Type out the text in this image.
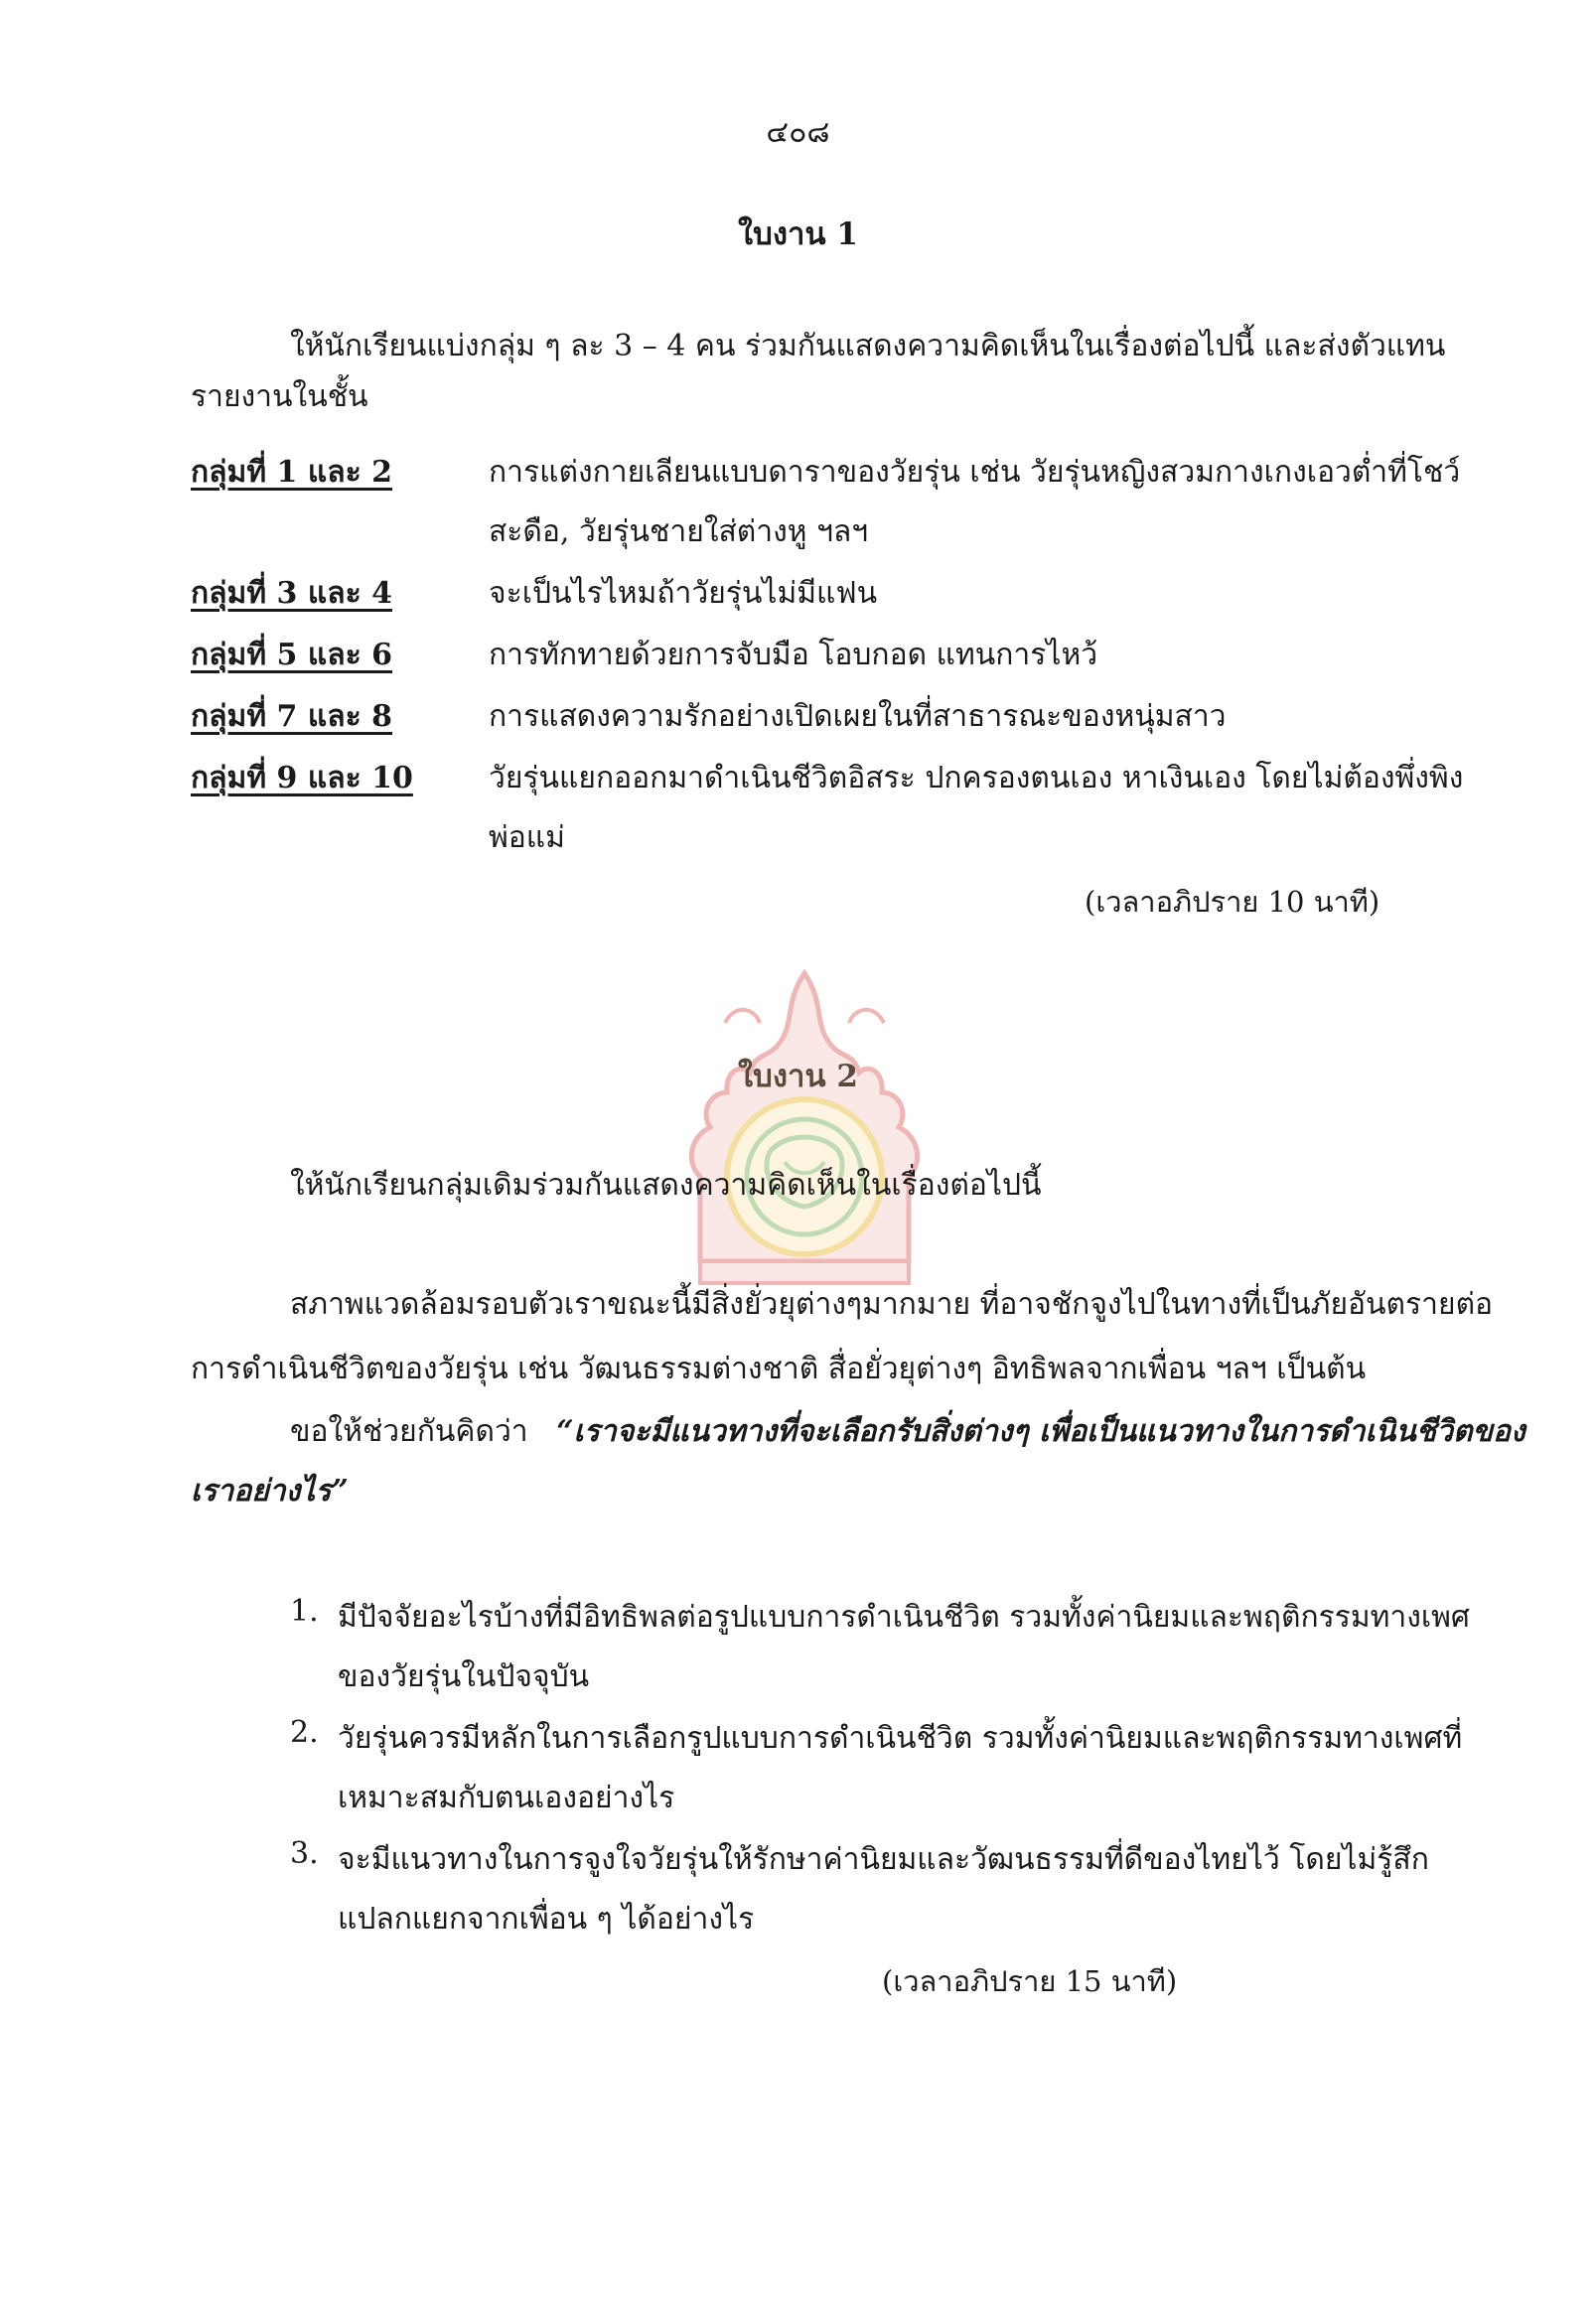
๔๐๘
ใบงาน 1
ให้นักเรียนแบ่งกลุ่ม ๆ ละ 3 – 4 คน ร่วมกันแสดงความคิดเห็นในเรื่องต่อไปนี้ และส่งตัวแทน
รายงานในชั้น
กลุ่มที่ 1 และ 2	การแต่งกายเลียนแบบดาราของวัยรุ่น เช่น วัยรุ่นหญิงสวมกางเกงเอวต่ำที่โชว์
สะดือ, วัยรุ่นชายใส่ต่างหู ฯลฯ
กลุ่มที่ 3 และ 4	จะเป็นไรไหมถ้าวัยรุ่นไม่มีแฟน
กลุ่มที่ 5 และ 6	การทักทายด้วยการจับมือ โอบกอด แทนการไหว้
กลุ่มที่ 7 และ 8	การแสดงความรักอย่างเปิดเผยในที่สาธารณะของหนุ่มสาว
กลุ่มที่ 9 และ 10	วัยรุ่นแยกออกมาดำเนินชีวิตอิสระ ปกครองตนเอง หาเงินเอง โดยไม่ต้องพึ่งพิง
พ่อแม่
(เวลาอภิปราย 10 นาที)
ใบงาน 2
ให้นักเรียนกลุ่มเดิมร่วมกันแสดงความคิดเห็นในเรื่องต่อไปนี้
สภาพแวดล้อมรอบตัวเราขณะนี้มีสิ่งยั่วยุต่างๆมากมาย ที่อาจชักจูงไปในทางที่เป็นภัยอันตรายต่อ
การดำเนินชีวิตของวัยรุ่น เช่น วัฒนธรรมต่างชาติ สื่อยั่วยุต่างๆ อิทธิพลจากเพื่อน ฯลฯ เป็นต้น
ขอให้ช่วยกันคิดว่า “เราจะมีแนวทางที่จะเลือกรับสิ่งต่างๆ เพื่อเป็นแนวทางในการดำเนินชีวิตของ
เราอย่างไร”
1. มีปัจจัยอะไรบ้างที่มีอิทธิพลต่อรูปแบบการดำเนินชีวิต รวมทั้งค่านิยมและพฤติกรรมทางเพศ
ของวัยรุ่นในปัจจุบัน
2. วัยรุ่นควรมีหลักในการเลือกรูปแบบการดำเนินชีวิต รวมทั้งค่านิยมและพฤติกรรมทางเพศที่
เหมาะสมกับตนเองอย่างไร
3. จะมีแนวทางในการจูงใจวัยรุ่นให้รักษาค่านิยมและวัฒนธรรมที่ดีของไทยไว้ โดยไม่รู้สึก
แปลกแยกจากเพื่อน ๆ ได้อย่างไร
(เวลาอภิปราย 15 นาที)
